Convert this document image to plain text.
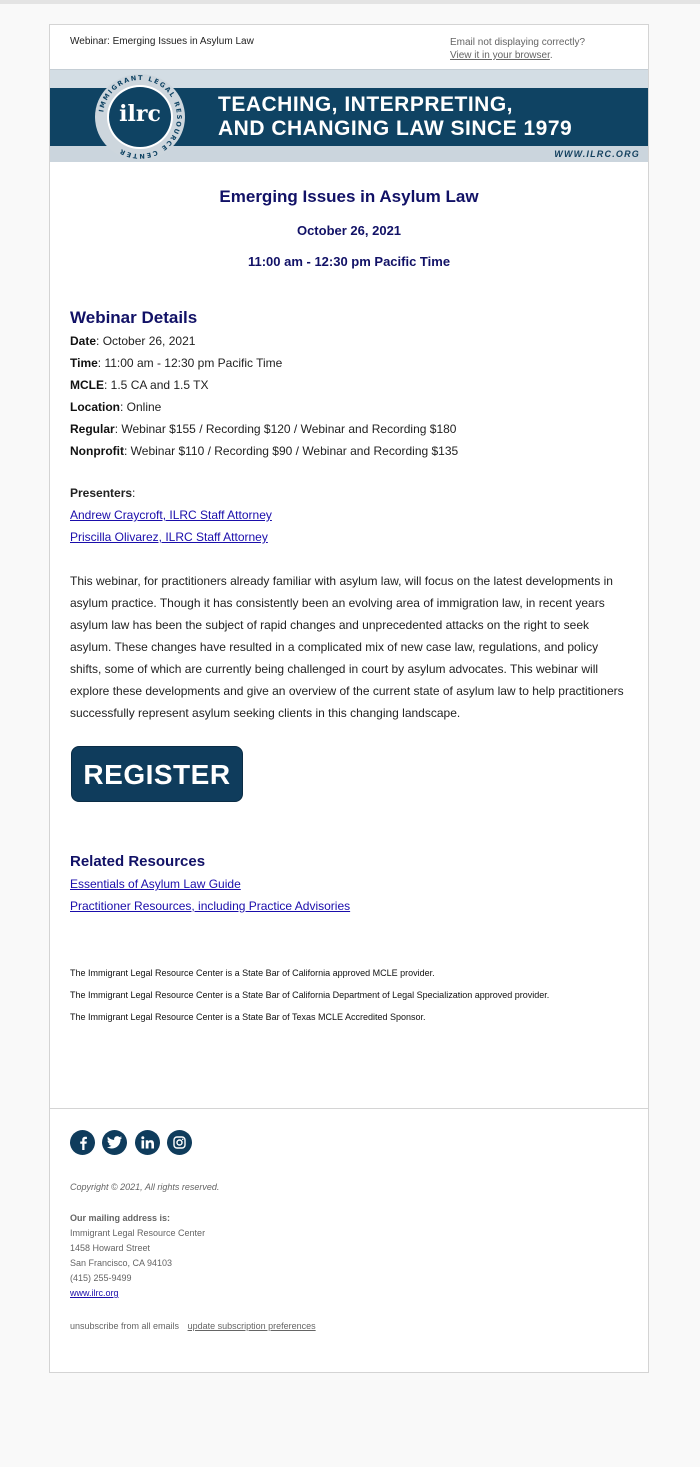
Webinar: Emerging Issues in Asylum Law	Email not displaying correctly?
View it in your browser.
WWW.ILRC.ORG
TEACHING, INTERPRETING,
AND CHANGING LAW SINCE 1979
IMMIGRANT LEGAL RESOURCE CENTER
ilrc
Emerging Issues in Asylum Law
October 26, 2021
11:00 am - 12:30 pm Pacific Time
Webinar Details
Date: October 26, 2021
Time: 11:00 am - 12:30 pm Pacific Time
MCLE: 1.5 CA and 1.5 TX
Location: Online
Regular: Webinar $155 / Recording $120 / Webinar and Recording $180
Nonprofit: Webinar $110 / Recording $90 / Webinar and Recording $135
Presenters:
Andrew Craycroft, ILRC Staff Attorney
Priscilla Olivarez, ILRC Staff Attorney
This webinar, for practitioners already familiar with asylum law, will focus on the latest developments in asylum practice. Though it has consistently been an evolving area of immigration law, in recent years asylum law has been the subject of rapid changes and unprecedented attacks on the right to seek asylum. These changes have resulted in a complicated mix of new case law, regulations, and policy shifts, some of which are currently being challenged in court by asylum advocates. This webinar will explore these developments and give an overview of the current state of asylum law to help practitioners successfully represent asylum seeking clients in this changing landscape.
REGISTER
Related Resources
Essentials of Asylum Law Guide
Practitioner Resources, including Practice Advisories
The Immigrant Legal Resource Center is a State Bar of California approved MCLE provider.
The Immigrant Legal Resource Center is a State Bar of California Department of Legal Specialization approved provider.
The Immigrant Legal Resource Center is a State Bar of Texas MCLE Accredited Sponsor.

Copyright © 2021, All rights reserved.
Our mailing address is:
Immigrant Legal Resource Center
1458 Howard Street
San Francisco, CA 94103
(415) 255-9499
www.ilrc.org
unsubscribe from all emails update subscription preferences
